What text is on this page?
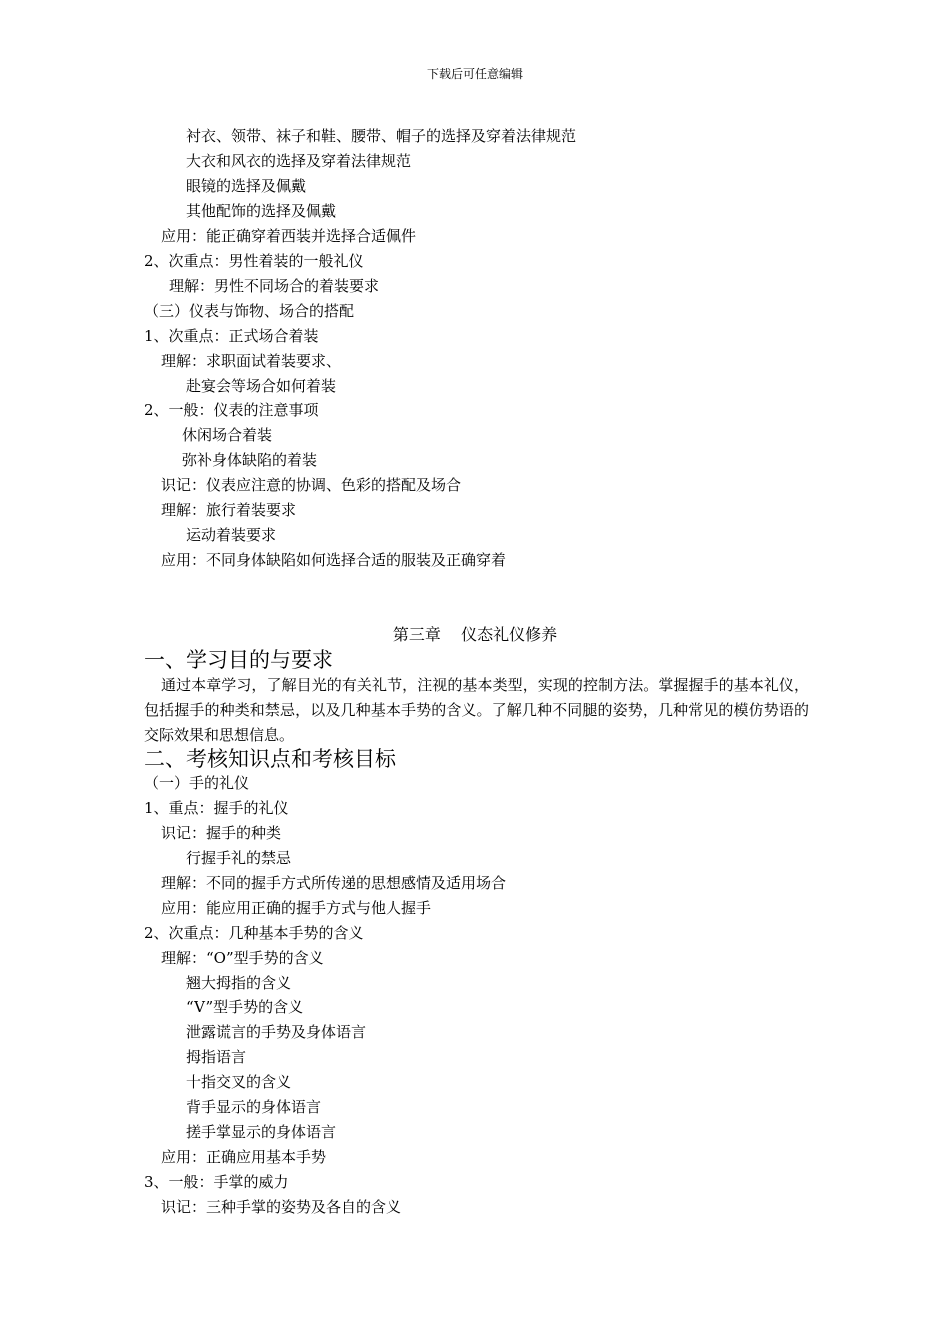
下载后可任意编辑
衬衣、领带、袜子和鞋、腰带、帽子的选择及穿着法律规范
大衣和风衣的选择及穿着法律规范
眼镜的选择及佩戴
其他配饰的选择及佩戴
应用：能正确穿着西装并选择合适佩件
2、次重点：男性着装的一般礼仪
理解：男性不同场合的着装要求
（三）仪表与饰物、场合的搭配
1、次重点：正式场合着装
理解：求职面试着装要求、
赴宴会等场合如何着装
2、一般：仪表的注意事项
休闲场合着装
弥补身体缺陷的着装
识记：仪表应注意的协调、色彩的搭配及场合
理解：旅行着装要求
运动着装要求
应用：不同身体缺陷如何选择合适的服装及正确穿着
第三章    仪态礼仪修养
一、学习目的与要求
通过本章学习，了解目光的有关礼节，注视的基本类型，实现的控制方法。掌握握手的基本礼仪，包括握手的种类和禁忌，以及几种基本手势的含义。了解几种不同腿的姿势，几种常见的模仿势语的交际效果和思想信息。
二、考核知识点和考核目标
（一）手的礼仪
1、重点：握手的礼仪
识记：握手的种类
行握手礼的禁忌
理解：不同的握手方式所传递的思想感情及适用场合
应用：能应用正确的握手方式与他人握手
2、次重点：几种基本手势的含义
理解：“O”型手势的含义
翘大拇指的含义
“V”型手势的含义
泄露谎言的手势及身体语言
拇指语言
十指交叉的含义
背手显示的身体语言
搓手掌显示的身体语言
应用：正确应用基本手势
3、一般：手掌的威力
识记：三种手掌的姿势及各自的含义
